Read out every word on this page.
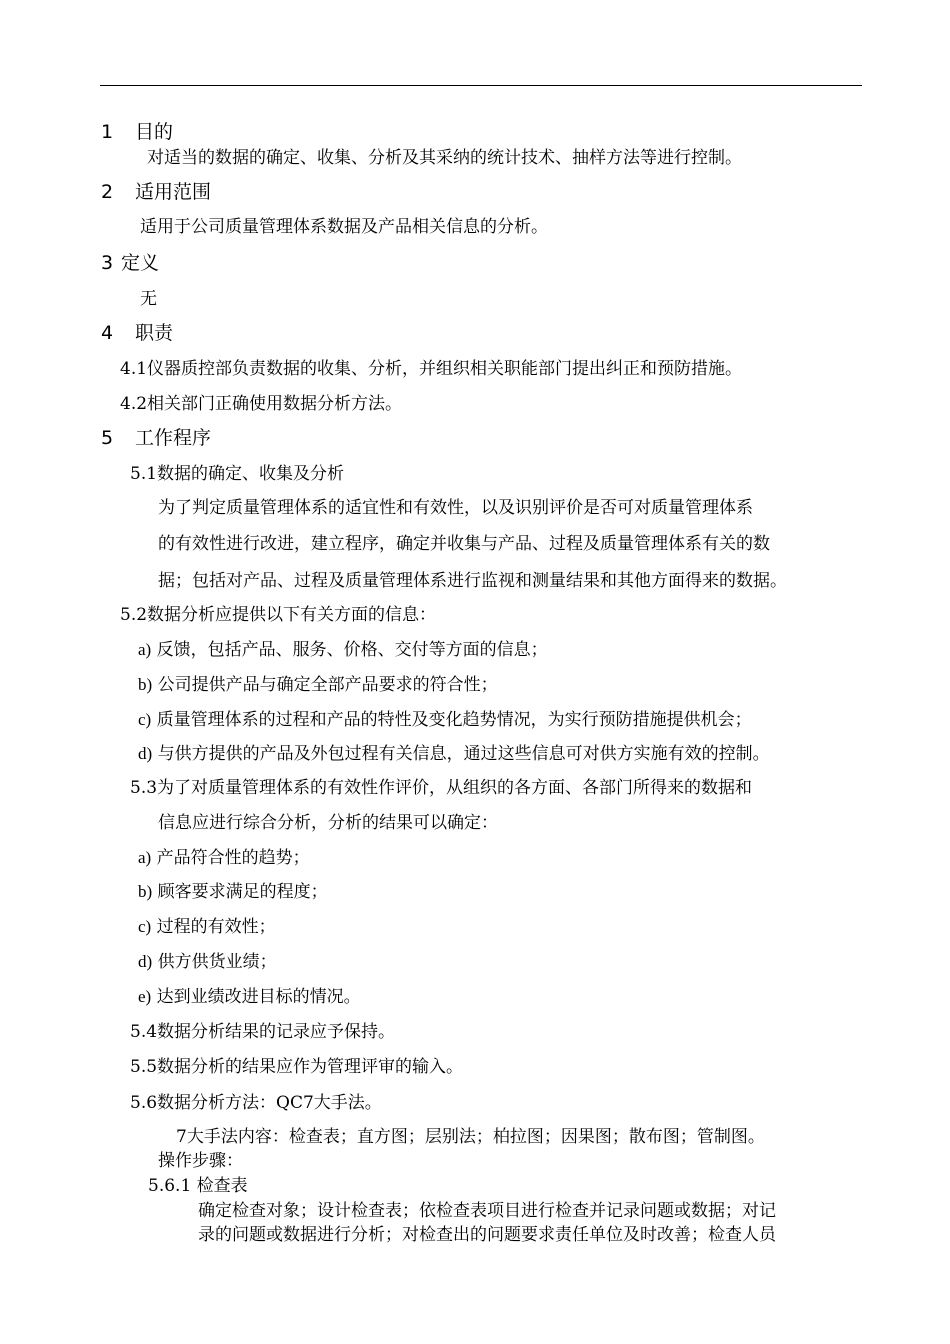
1 目的
对适当的数据的确定、收集、分析及其采纳的统计技术、抽样方法等进行控制。
2 适用范围
适用于公司质量管理体系数据及产品相关信息的分析。
3 定义
无
4 职责
4.1仪器质控部负责数据的收集、分析，并组织相关职能部门提出纠正和预防措施。
4.2相关部门正确使用数据分析方法。
5 工作程序
5.1数据的确定、收集及分析
为了判定质量管理体系的适宜性和有效性，以及识别评价是否可对质量管理体系
的有效性进行改进，建立程序，确定并收集与产品、过程及质量管理体系有关的数
据；包括对产品、过程及质量管理体系进行监视和测量结果和其他方面得来的数据。
5.2数据分析应提供以下有关方面的信息：
a) 反馈，包括产品、服务、价格、交付等方面的信息；
b) 公司提供产品与确定全部产品要求的符合性；
c) 质量管理体系的过程和产品的特性及变化趋势情况，为实行预防措施提供机会；
d) 与供方提供的产品及外包过程有关信息，通过这些信息可对供方实施有效的控制。
5.3为了对质量管理体系的有效性作评价，从组织的各方面、各部门所得来的数据和
信息应进行综合分析，分析的结果可以确定：
a) 产品符合性的趋势；
b) 顾客要求满足的程度；
c) 过程的有效性；
d) 供方供货业绩；
e) 达到业绩改进目标的情况。
5.4数据分析结果的记录应予保持。
5.5数据分析的结果应作为管理评审的输入。
5.6数据分析方法：QC7大手法。
7大手法内容：检查表；直方图；层别法；柏拉图；因果图；散布图；管制图。
操作步骤：
5.6.1 检查表
确定检查对象；设计检查表；依检查表项目进行检查并记录问题或数据；对记
录的问题或数据进行分析；对检查出的问题要求责任单位及时改善；检查人员
